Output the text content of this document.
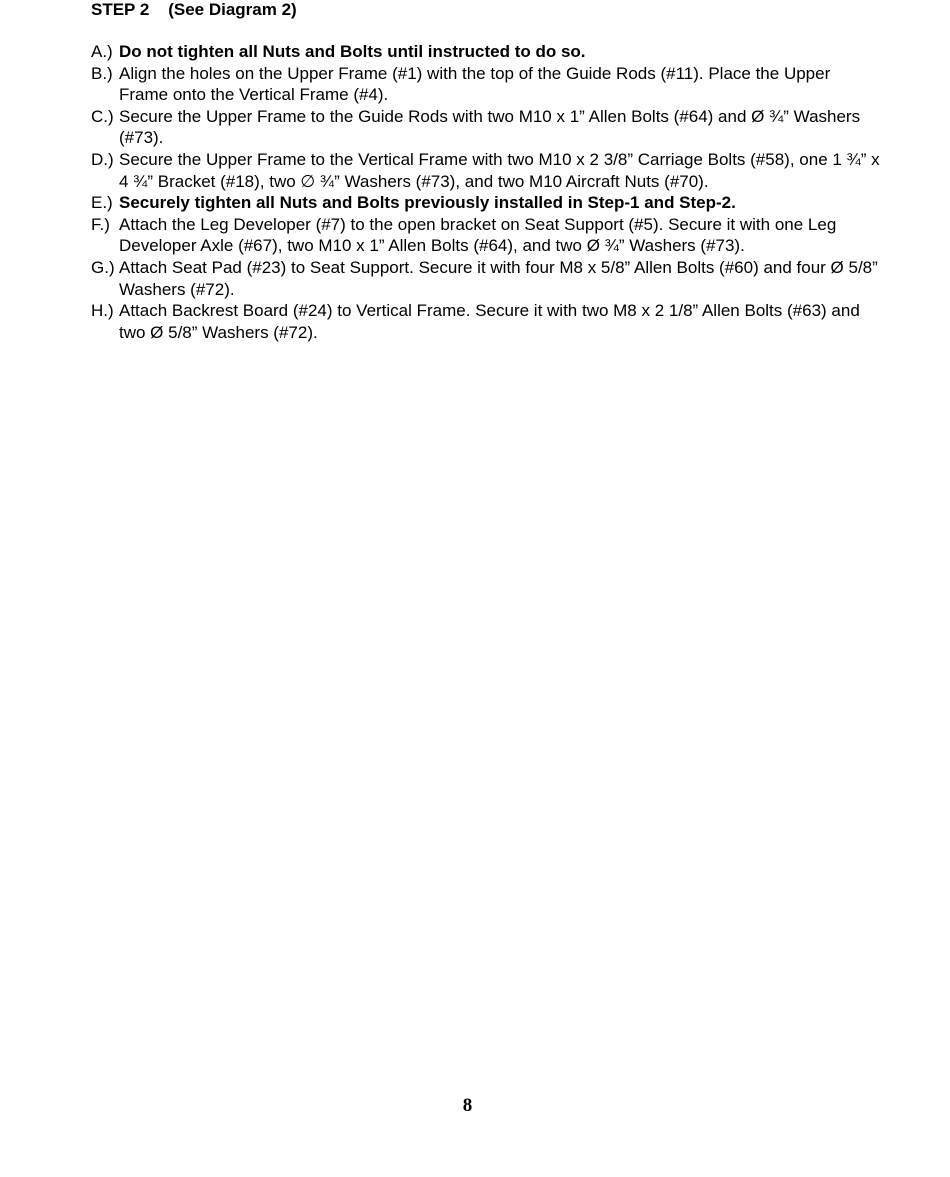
STEP 2 (See Diagram 2)
A.) Do not tighten all Nuts and Bolts until instructed to do so.
B.) Align the holes on the Upper Frame (#1) with the top of the Guide Rods (#11). Place the Upper Frame onto the Vertical Frame (#4).
C.) Secure the Upper Frame to the Guide Rods with two M10 x 1” Allen Bolts (#64) and Ø ¾” Washers (#73).
D.) Secure the Upper Frame to the Vertical Frame with two M10 x 2 3/8” Carriage Bolts (#58), one 1 ¾” x 4 ¾” Bracket (#18), two ∅ ¾” Washers (#73), and two M10 Aircraft Nuts (#70).
E.) Securely tighten all Nuts and Bolts previously installed in Step-1 and Step-2.
F.) Attach the Leg Developer (#7) to the open bracket on Seat Support (#5). Secure it with one Leg Developer Axle (#67), two M10 x 1” Allen Bolts (#64), and two Ø ¾” Washers (#73).
G.) Attach Seat Pad (#23) to Seat Support. Secure it with four M8 x 5/8” Allen Bolts (#60) and four Ø 5/8” Washers (#72).
H.) Attach Backrest Board (#24) to Vertical Frame. Secure it with two M8 x 2 1/8” Allen Bolts (#63) and two Ø 5/8” Washers (#72).
8
